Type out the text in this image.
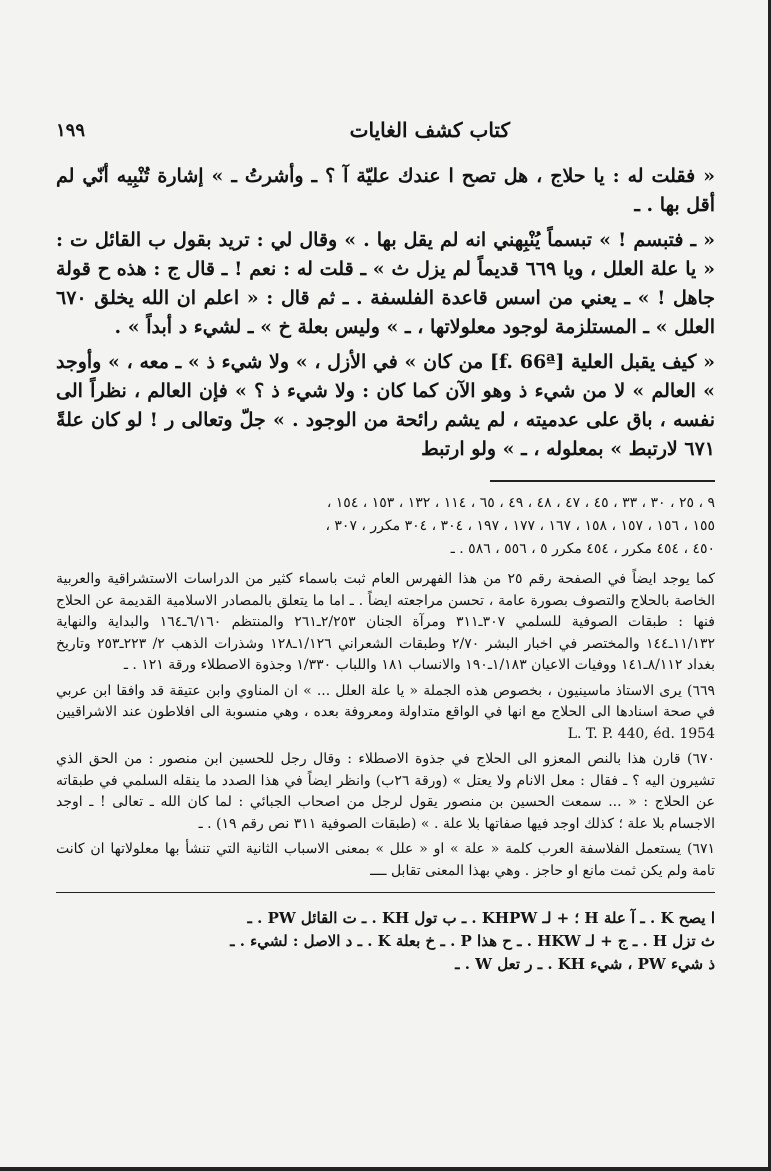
كتاب كشف الغايات
١٩٩

« فقلت له : يا حلاج ، هل تصح ا عندك عليّة آ ؟ ـ وأشرتُ ـ » إشارة تُنْبِيه أنّي لم أقل بها . ـ

« ـ فتبسم ! » تبسماً يُنْبِهني انه لم يقل بها . » وقال لي : تريد بقول ب القائل ت : « يا علة العلل ، ويا ٦٦٩ قديماً لم يزل ث » ـ قلت له : نعم ! ـ قال ج : هذه ح قولة جاهل ! » ـ يعني من اسس قاعدة الفلسفة . ـ ثم قال : « اعلم ان الله يخلق ٦٧٠ العلل » ـ المستلزمة لوجود معلولاتها ، ـ » وليس بعلة خ » ـ لشيء د أبداً » .

« كيف يقبل العلية [f. 66ª] من كان » في الأزل ، » ولا شيء ذ » ـ معه ، » وأوجد » العالم » لا من شيء ذ وهو الآن كما كان : ولا شيء ذ ؟ » فإن العالم ، نظراً الى نفسه ، باق على عدميته ، لم يشم رائحة من الوجود . » جلّ وتعالى ر ! لو كان علةً ٦٧١ لارتبط » بمعلوله ، ـ » ولو ارتبط

٩ ، ٢٥ ، ٣٠ ، ٣٣ ، ٤٥ ، ٤٧ ، ٤٨ ، ٤٩ ، ٦٥ ، ١١٤ ، ١٣٢ ، ١٥٣ ، ١٥٤ ،

١٥٥ ، ١٥٦ ، ١٥٧ ، ١٥٨ ، ١٦٧ ، ١٧٧ ، ١٩٧ ، ٣٠٤ ، ٣٠٤ مكرر ، ٣٠٧ ،

٤٥٠ ، ٤٥٤ مكرر ، ٤٥٤ مكرر ٥ ، ٥٥٦ ، ٥٨٦ . ـ

كما يوجد ايضاً في الصفحة رقم ٢٥ من هذا الفهرس العام ثبت باسماء كثير من الدراسات الاستشراقية والعربية الخاصة بالحلاج والتصوف بصورة عامة ، تحسن مراجعته ايضاً . ـ اما ما يتعلق بالمصادر الاسلامية القديمة عن الحلاج فنها : طبقات الصوفية للسلمي ٣٠٧ـ٣١١ ومرآة الجنان ٢/٢٥٣ـ٢٦١ والمنتظم ٦/١٦٠ـ١٦٤ والبداية والنهاية ١١/١٣٢ـ١٤٤ والمختصر في اخبار البشر ٢/٧٠ وطبقات الشعراني ١/١٢٦ـ١٢٨ وشذرات الذهب ٢/ ٢٢٣ـ٢٥٣ وتاريخ بغداد ٨/١١٢ـ١٤١ ووفيات الاعيان ١/١٨٣ـ١٩٠ والانساب ١٨١ واللباب ١/٣٣٠ وجذوة الاصطلاء ورقة ١٢١ . ـ

٦٦٩) يرى الاستاذ ماسينيون ، بخصوص هذه الجملة « يا علة العلل ... » ان المناوي وابن عتيقة قد وافقا ابن عربي في صحة اسنادها الى الحلاج مع انها في الواقع متداولة ومعروفة بعده ، وهي منسوبة الى افلاطون عند الاشراقيين 1954 .L. T. P. 440, éd

٦٧٠) قارن هذا بالنص المعزو الى الحلاج في جذوة الاصطلاء : وقال رجل للحسين ابن منصور : من الحق الذي تشيرون اليه ؟ ـ فقال : معل الانام ولا يعتل » (ورقة ٢٦ب) وانظر ايضاً في هذا الصدد ما ينقله السلمي في طبقاته عن الحلاج : « ... سمعت الحسين بن منصور يقول لرجل من اصحاب الجبائي : لما كان الله ـ تعالى ! ـ اوجد الاجسام بلا علة ؛ كذلك اوجد فيها صفاتها بلا علة . » (طبقات الصوفية ٣١١ نص رقم ١٩) . ـ

٦٧١) يستعمل الفلاسفة العرب كلمة « علة » او « علل » بمعنى الاسباب الثانية التي تنشأ بها معلولاتها ان كانت تامة ولم يكن ثمت مانع او حاجز . وهي بهذا المعنى تقابل ــــ

ا يصح K . ـ آ علة H ؛ + لـ KHPW . ـ ب تول KH . ـ ت القائل PW . ـ

ث تزل H . ـ ج + لـ HKW . ـ ح هذا P . ـ خ بعلة K . ـ د الاصل : لشيء . ـ

ذ شيء PW ، شيء KH . ـ ر تعل W . ـ
